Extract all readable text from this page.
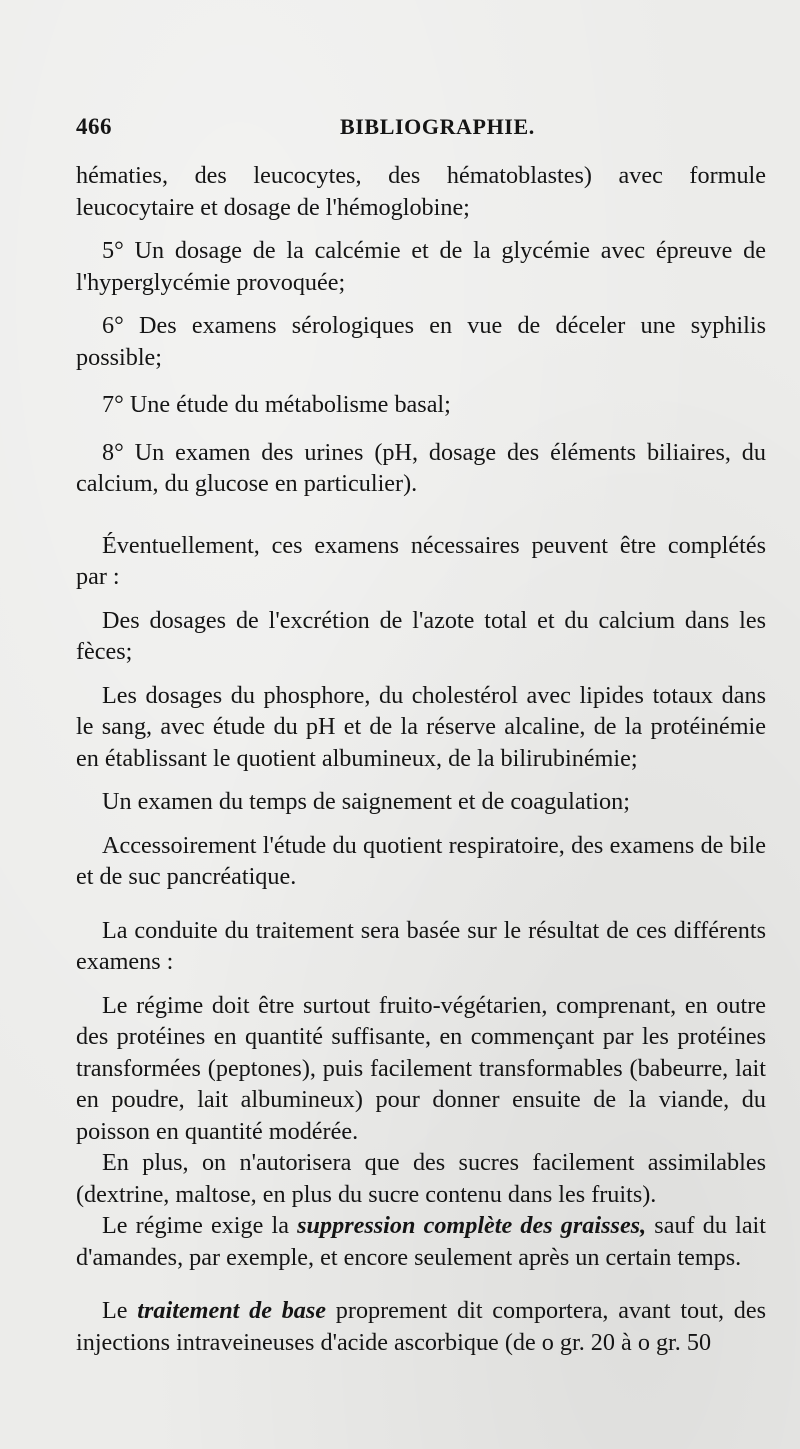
466	BIBLIOGRAPHIE.

hématies, des leucocytes, des hématoblastes) avec formule leucocytaire et dosage de l'hémoglobine;

5° Un dosage de la calcémie et de la glycémie avec épreuve de l'hyperglycémie provoquée;

6° Des examens sérologiques en vue de déceler une syphilis possible;

7° Une étude du métabolisme basal;

8° Un examen des urines (pH, dosage des éléments biliaires, du calcium, du glucose en particulier).

Éventuellement, ces examens nécessaires peuvent être complétés par :

Des dosages de l'excrétion de l'azote total et du calcium dans les fèces;

Les dosages du phosphore, du cholestérol avec lipides totaux dans le sang, avec étude du pH et de la réserve alcaline, de la protéinémie en établissant le quotient albumineux, de la bilirubinémie;

Un examen du temps de saignement et de coagulation;

Accessoirement l'étude du quotient respiratoire, des examens de bile et de suc pancréatique.

La conduite du traitement sera basée sur le résultat de ces différents examens :

Le régime doit être surtout fruito-végétarien, comprenant, en outre des protéines en quantité suffisante, en commençant par les protéines transformées (peptones), puis facilement transformables (babeurre, lait en poudre, lait albumineux) pour donner ensuite de la viande, du poisson en quantité modérée.

En plus, on n'autorisera que des sucres facilement assimilables (dextrine, maltose, en plus du sucre contenu dans les fruits).

Le régime exige la suppression complète des graisses, sauf du lait d'amandes, par exemple, et encore seulement après un certain temps.

Le traitement de base proprement dit comportera, avant tout, des injections intraveineuses d'acide ascorbique (de o gr. 20 à o gr. 50
